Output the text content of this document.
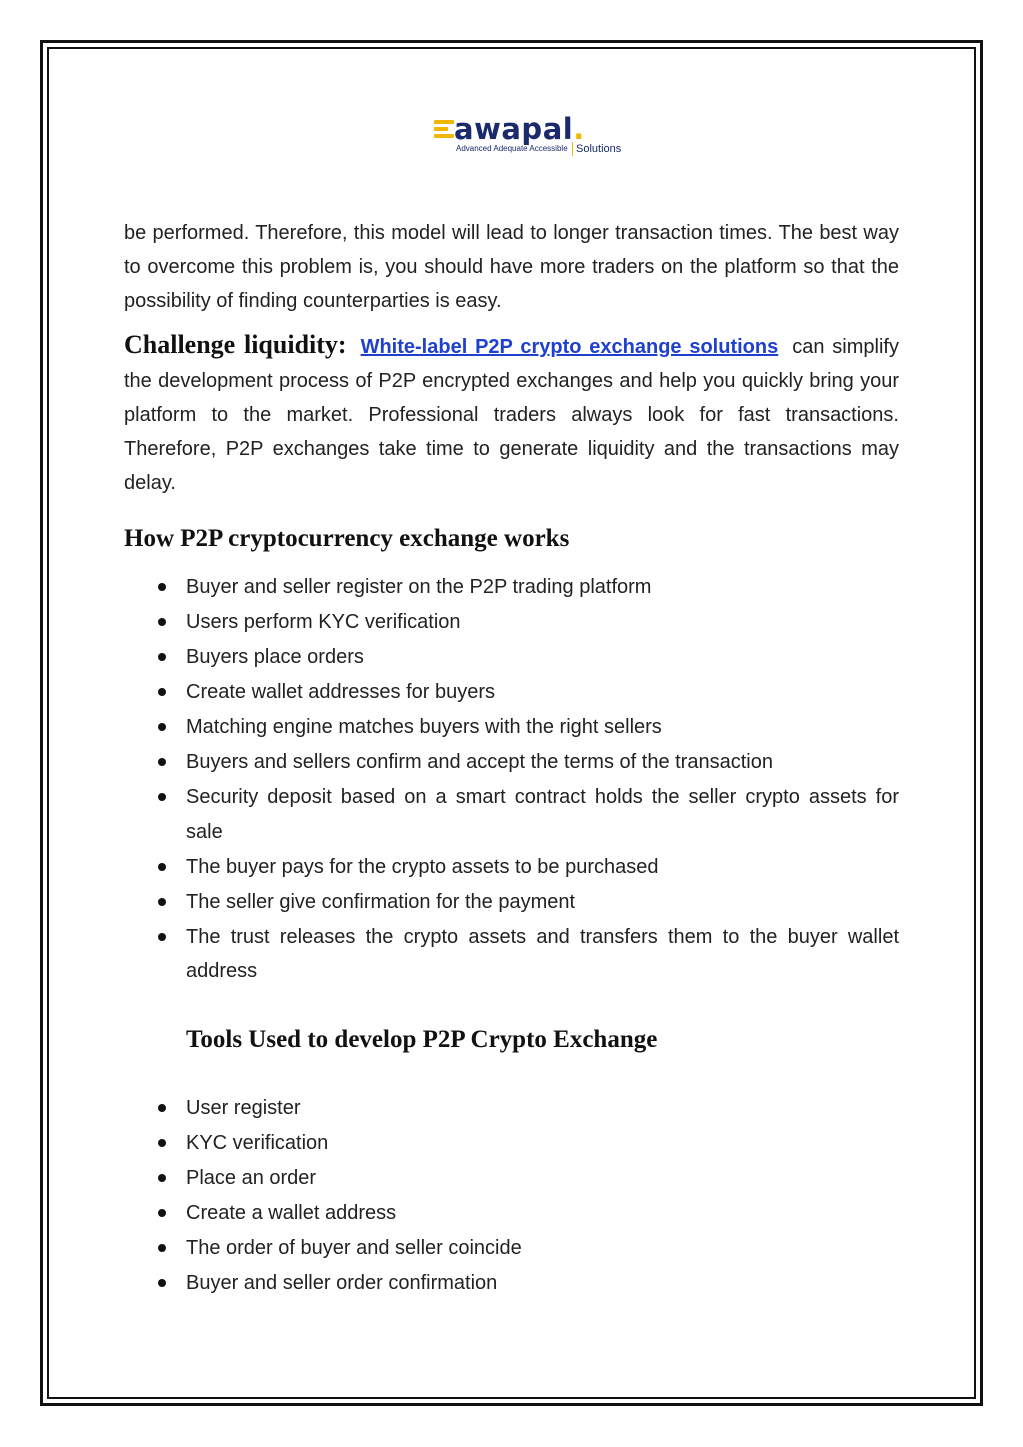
awapal.
Advanced Adequate Accessible Solutions

be performed. Therefore, this model will lead to longer transaction times. The best way to overcome this problem is, you should have more traders on the platform so that the possibility of finding counterparties is easy.

Challenge liquidity: White-label P2P crypto exchange solutions can simplify the development process of P2P encrypted exchanges and help you quickly bring your platform to the market. Professional traders always look for fast transactions. Therefore, P2P exchanges take time to generate liquidity and the transactions may delay.

How P2P cryptocurrency exchange works
Buyer and seller register on the P2P trading platform
Users perform KYC verification
Buyers place orders
Create wallet addresses for buyers
Matching engine matches buyers with the right sellers
Buyers and sellers confirm and accept the terms of the transaction
Security deposit based on a smart contract holds the seller crypto assets for sale
The buyer pays for the crypto assets to be purchased
The seller give confirmation for the payment
The trust releases the crypto assets and transfers them to the buyer wallet address
Tools Used to develop P2P Crypto Exchange
User register
KYC verification
Place an order
Create a wallet address
The order of buyer and seller coincide
Buyer and seller order confirmation
